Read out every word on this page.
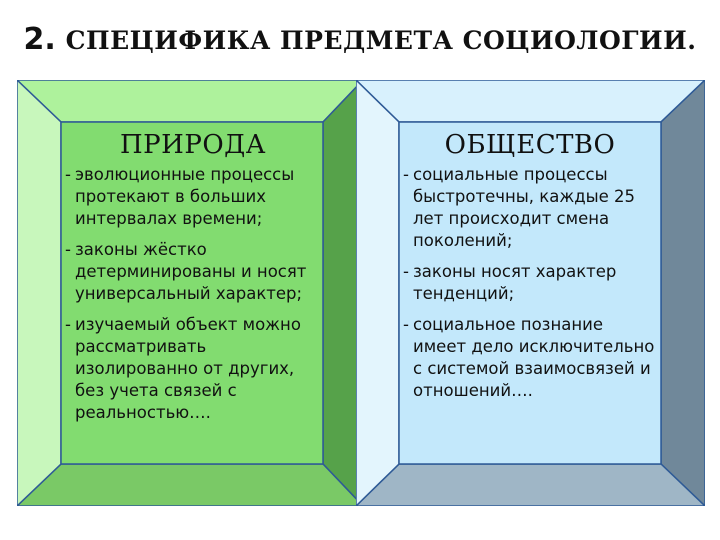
2. СПЕЦИФИКА ПРЕДМЕТА СОЦИОЛОГИИ.
ПРИРОДА
- эволюционные процессы протекают в больших интервалах времени;
- законы жёстко детерминированы и носят универсальный характер;
- изучаемый объект можно рассматривать изолированно от других, без учета связей с реальностью….
ОБЩЕСТВО
- социальные процессы быстротечны, каждые 25 лет происходит смена поколений;
- законы носят характер тенденций;
- социальное познание имеет дело исключительно с системой взаимосвязей и отношений….
